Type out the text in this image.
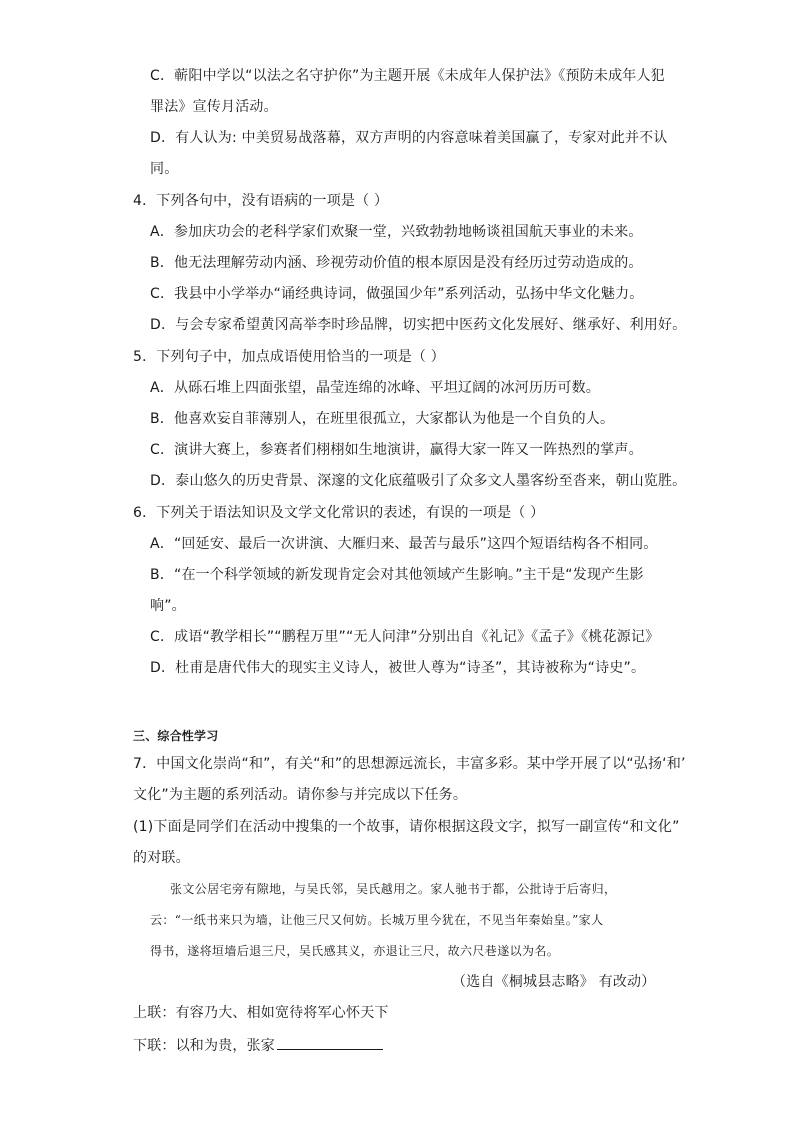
C．蕲阳中学以“以法之名守护你”为主题开展《未成年人保护法》《预防未成年人犯
罪法》宣传月活动。
D．有人认为: 中美贸易战落幕，双方声明的内容意味着美国赢了，专家对此并不认
同。
4．下列各句中，没有语病的一项是（ ）
A．参加庆功会的老科学家们欢聚一堂，兴致勃勃地畅谈祖国航天事业的未来。
B．他无法理解劳动内涵、珍视劳动价值的根本原因是没有经历过劳动造成的。
C．我县中小学举办“诵经典诗词，做强国少年”系列活动，弘扬中华文化魅力。
D．与会专家希望黄冈高举李时珍品牌，切实把中医药文化发展好、继承好、利用好。
5．下列句子中，加点成语使用恰当的一项是（ ）
A．从砾石堆上四面张望，晶莹连绵的冰峰、平坦辽阔的冰河历历可数。
B．他喜欢妄自菲薄别人，在班里很孤立，大家都认为他是一个自负的人。
C．演讲大赛上，参赛者们栩栩如生地演讲，赢得大家一阵又一阵热烈的掌声。
D．泰山悠久的历史背景、深邃的文化底蕴吸引了众多文人墨客纷至沓来，朝山览胜。
6．下列关于语法知识及文学文化常识的表述，有误的一项是（ ）
A．“回延安、最后一次讲演、大雁归来、最苦与最乐”这四个短语结构各不相同。
B．“在一个科学领域的新发现肯定会对其他领域产生影响。”主干是“发现产生影
响”。
C．成语“教学相长”“鹏程万里”“无人问津”分别出自《礼记》《孟子》《桃花源记》
D．杜甫是唐代伟大的现实主义诗人，被世人尊为“诗圣”，其诗被称为“诗史”。
三、综合性学习
7．中国文化崇尚“和”，有关“和”的思想源远流长，丰富多彩。某中学开展了以“弘扬‘和’
文化”为主题的系列活动。请你参与并完成以下任务。
(1)下面是同学们在活动中搜集的一个故事，请你根据这段文字，拟写一副宣传“和文化”
的对联。
张文公居宅旁有隙地，与吴氏邻，吴氏越用之。家人驰书于都，公批诗于后寄归，
云：“一纸书来只为墙，让他三尺又何妨。长城万里今犹在，不见当年秦始皇。”家人
得书，遂将垣墙后退三尺，吴氏感其义，亦退让三尺，故六尺巷遂以为名。
（选自《桐城县志略》 有改动）
上联：有容乃大、相如宽待将军心怀天下
下联：以和为贵，张家
